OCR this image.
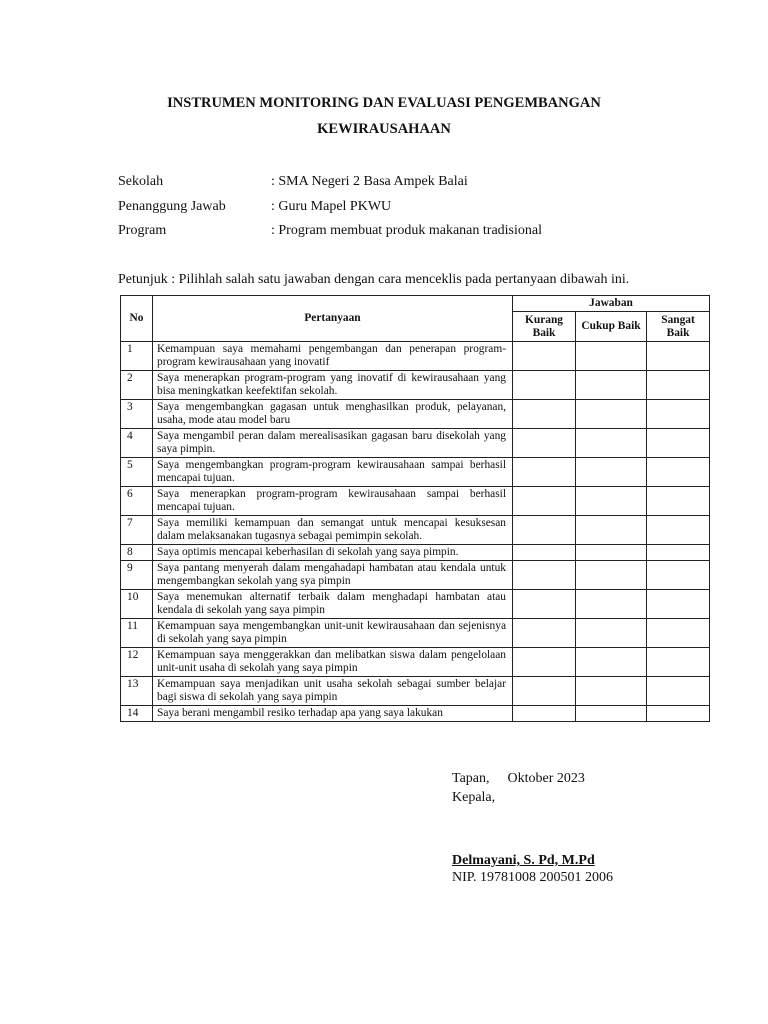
INSTRUMEN MONITORING DAN EVALUASI PENGEMBANGAN
KEWIRAUSAHAAN
Sekolah	: SMA Negeri 2 Basa Ampek Balai
Penanggung Jawab	: Guru Mapel PKWU
Program	: Program membuat produk makanan tradisional
Petunjuk : Pilihlah salah satu jawaban dengan cara menceklis pada pertanyaan dibawah ini.
No	Pertanyaan	Jawaban		
		Kurang Baik	Cukup Baik	Sangat Baik
1	Kemampuan saya memahami pengembangan dan penerapan program-program kewirausahaan yang inovatif			
2	Saya menerapkan program-program yang inovatif di kewirausahaan yang bisa meningkatkan keefektifan sekolah.			
3	Saya mengembangkan gagasan untuk menghasilkan produk, pelayanan, usaha, mode atau model baru			
4	Saya mengambil peran dalam merealisasikan gagasan baru disekolah yang saya pimpin.			
5	Saya mengembangkan program-program kewirausahaan sampai berhasil mencapai tujuan.			
6	Saya menerapkan program-program kewirausahaan sampai berhasil mencapai tujuan.			
7	Saya memiliki kemampuan dan semangat untuk mencapai kesuksesan dalam melaksanakan tugasnya sebagai pemimpin sekolah.			
8	Saya optimis mencapai keberhasilan di sekolah yang saya pimpin.			
9	Saya pantang menyerah dalam mengahadapi hambatan atau kendala untuk mengembangkan sekolah yang sya pimpin			
10	Saya menemukan alternatif terbaik dalam menghadapi hambatan atau kendala di sekolah yang saya pimpin			
11	Kemampuan saya mengembangkan unit-unit kewirausahaan dan sejenisnya di sekolah yang saya pimpin			
12	Kemampuan saya menggerakkan dan melibatkan siswa dalam pengelolaan unit-unit usaha di sekolah yang saya pimpin			
13	Kemampuan saya menjadikan unit usaha sekolah sebagai sumber belajar bagi siswa di sekolah yang saya pimpin			
14	Saya berani mengambil resiko terhadap apa yang saya lakukan			
Tapan, Oktober 2023
Kepala,
Delmayani, S. Pd, M.Pd
NIP. 19781008 200501 2006
